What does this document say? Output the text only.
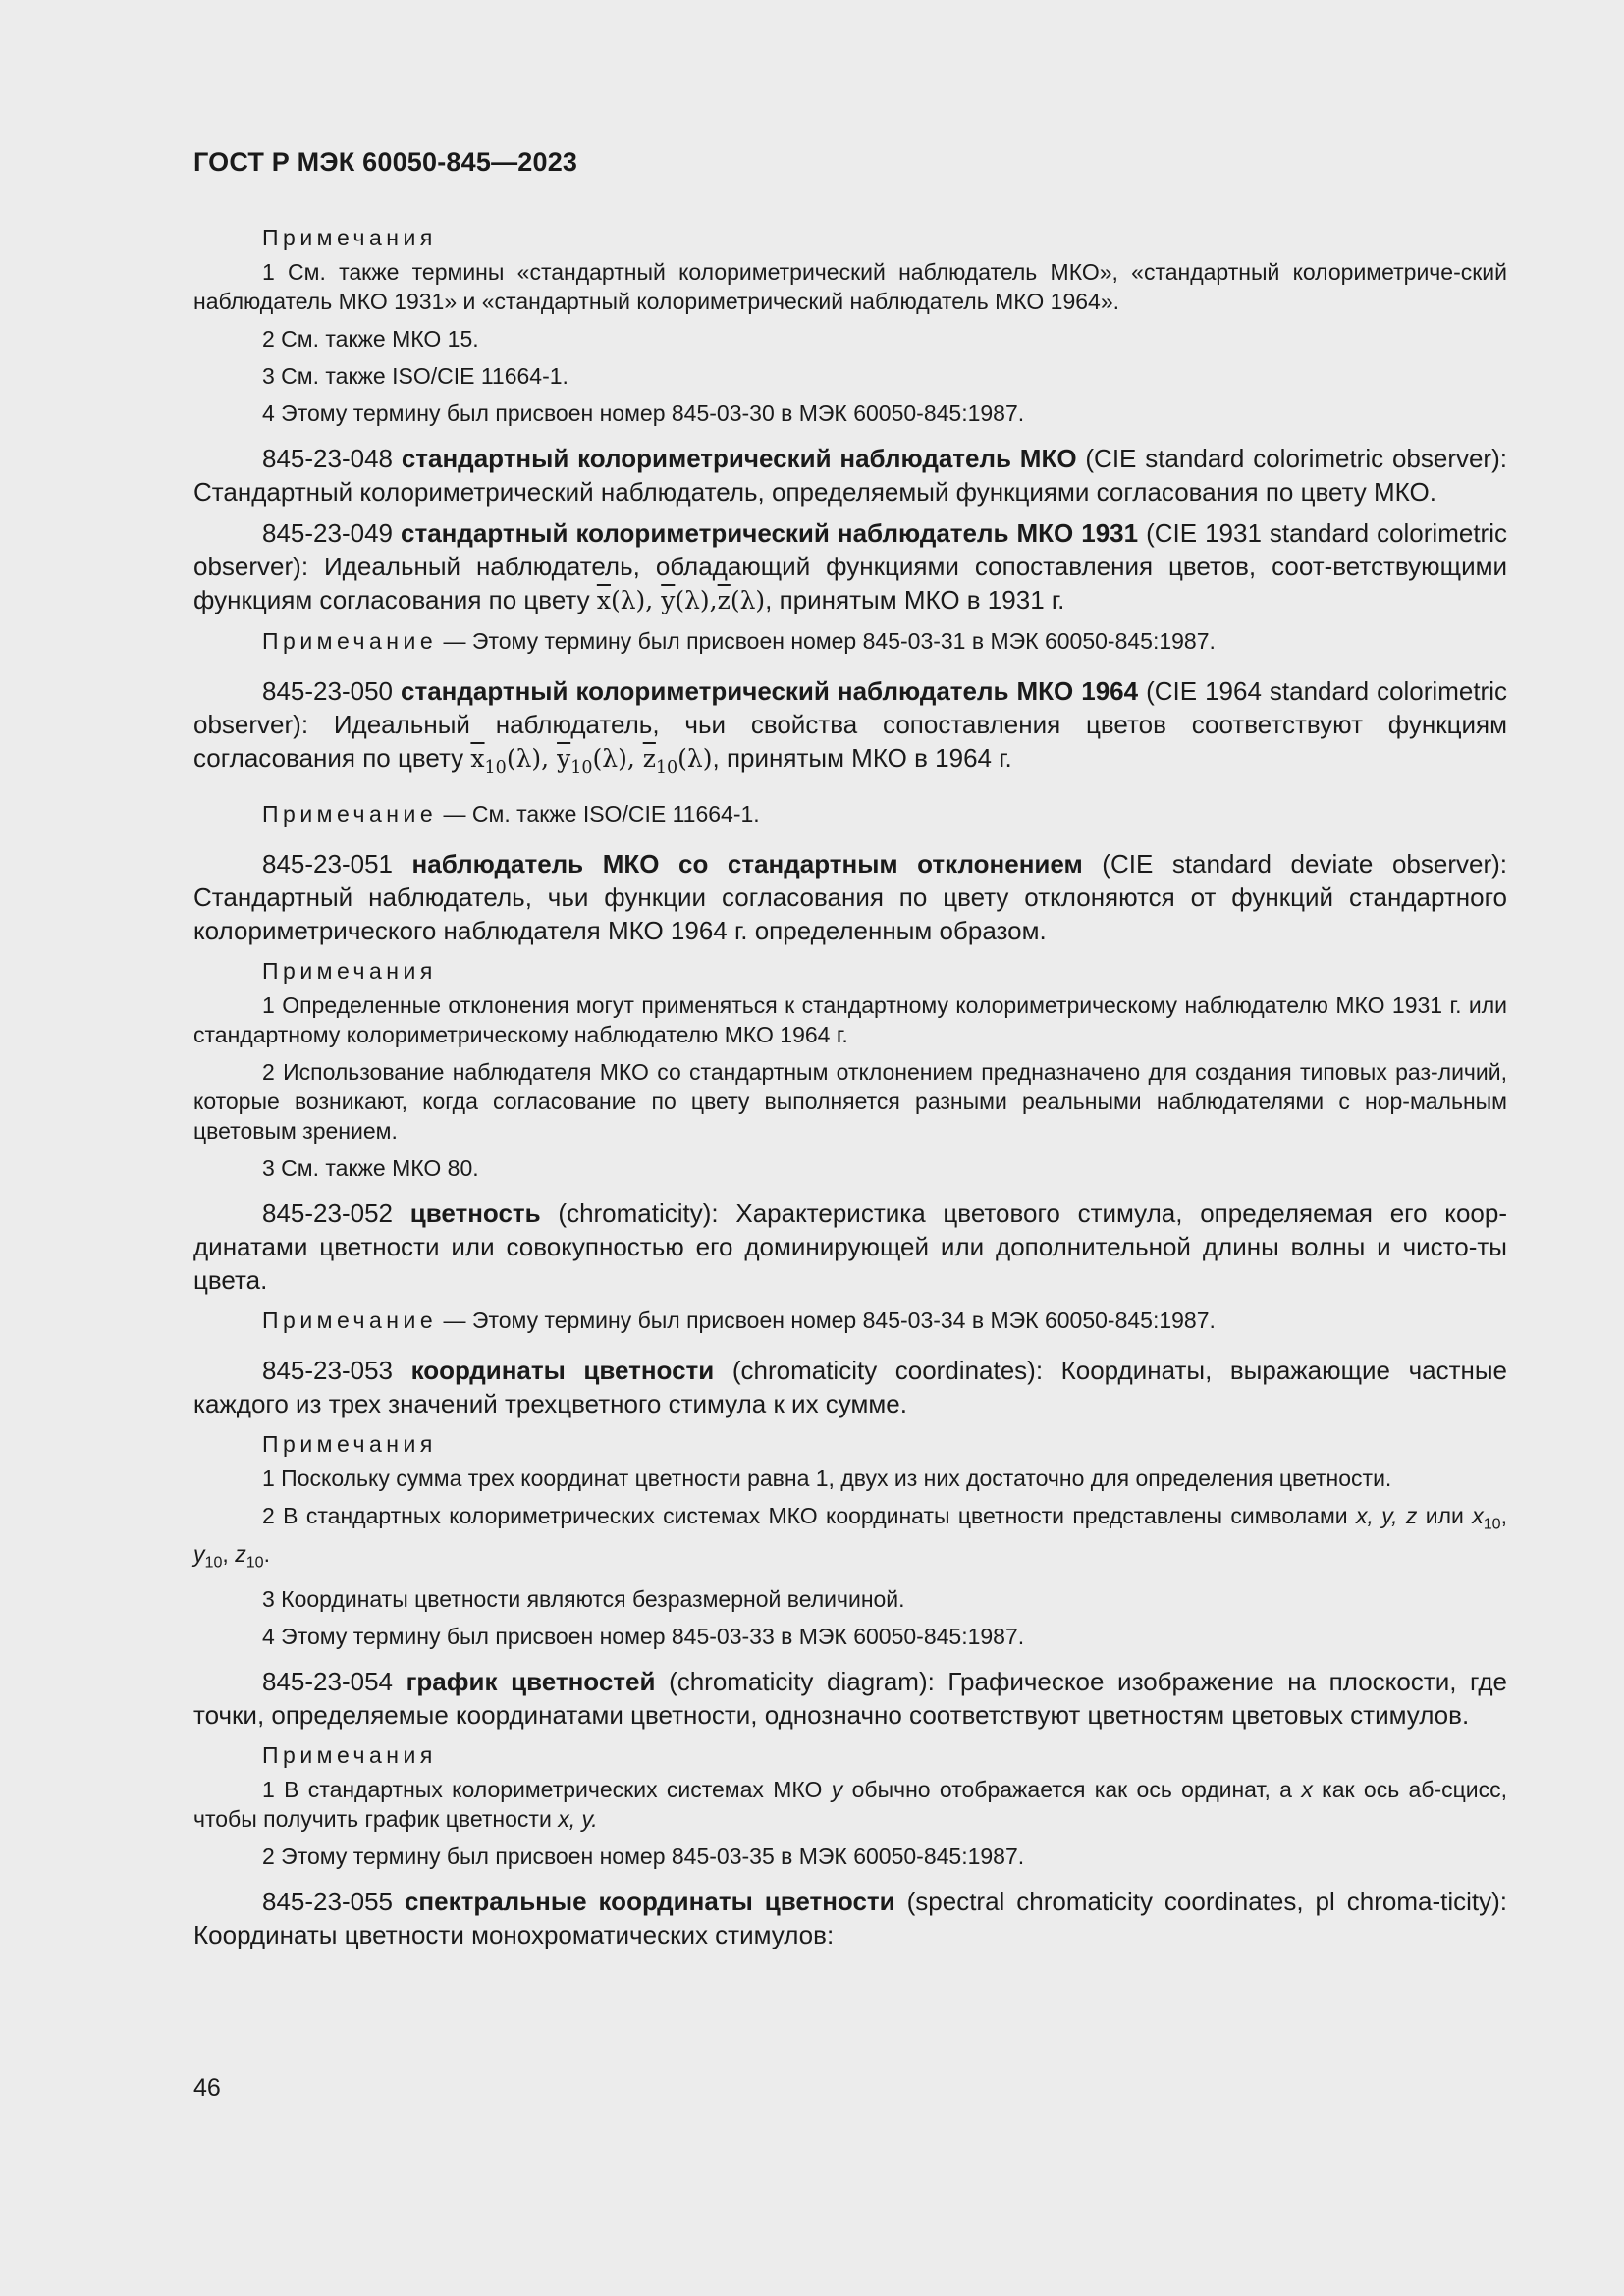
ГОСТ Р МЭК 60050-845—2023
Примечания

1 См. также термины «стандартный колориметрический наблюдатель МКО», «стандартный колориметриче-ский наблюдатель МКО 1931» и «стандартный колориметрический наблюдатель МКО 1964».

2 См. также МКО 15.

3 См. также ISO/CIE 11664-1.

4 Этому термину был присвоен номер 845-03-30 в МЭК 60050-845:1987.

845-23-048 стандартный колориметрический наблюдатель МКО (CIE standard colorimetric observer): Стандартный колориметрический наблюдатель, определяемый функциями согласования по цвету МКО.

845-23-049 стандартный колориметрический наблюдатель МКО 1931 (CIE 1931 standard colorimetric observer): Идеальный наблюдатель, обладающий функциями сопоставления цветов, соот-ветствующими функциям согласования по цвету $\overline{x}(\lambda)$, $\overline{y}(\lambda),\overline{z}(\lambda)$, принятым МКО в 1931 г.

Примечание — Этому термину был присвоен номер 845-03-31 в МЭК 60050-845:1987.

845-23-050 стандартный колориметрический наблюдатель МКО 1964 (CIE 1964 standard colorimetric observer): Идеальный наблюдатель, чьи свойства сопоставления цветов соответствуют функциям согласования по цвету $\overline{x}_{10}(\lambda)$, $\overline{y}_{10}(\lambda)$, $\overline{z}_{10}(\lambda)$, принятым МКО в 1964 г.

Примечание — См. также ISO/CIE 11664-1.

845-23-051 наблюдатель МКО со стандартным отклонением (CIE standard deviate observer): Стандартный наблюдатель, чьи функции согласования по цвету отклоняются от функций стандартного колориметрического наблюдателя МКО 1964 г. определенным образом.

Примечания

1 Определенные отклонения могут применяться к стандартному колориметрическому наблюдателю МКО 1931 г. или стандартному колориметрическому наблюдателю МКО 1964 г.

2 Использование наблюдателя МКО со стандартным отклонением предназначено для создания типовых раз-личий, которые возникают, когда согласование по цвету выполняется разными реальными наблюдателями с нор-мальным цветовым зрением.

3 См. также МКО 80.

845-23-052 цветность (chromaticity): Характеристика цветового стимула, определяемая его коор-динатами цветности или совокупностью его доминирующей или дополнительной длины волны и чисто-ты цвета.

Примечание — Этому термину был присвоен номер 845-03-34 в МЭК 60050-845:1987.

845-23-053 координаты цветности (chromaticity coordinates): Координаты, выражающие частные каждого из трех значений трехцветного стимула к их сумме.

Примечания

1 Поскольку сумма трех координат цветности равна 1, двух из них достаточно для определения цветности.

2 В стандартных колориметрических системах МКО координаты цветности представлены символами x, y, z или $x_{10}$, $y_{10}$, $z_{10}$.

3 Координаты цветности являются безразмерной величиной.

4 Этому термину был присвоен номер 845-03-33 в МЭК 60050-845:1987.

845-23-054 график цветностей (chromaticity diagram): Графическое изображение на плоскости, где точки, определяемые координатами цветности, однозначно соответствуют цветностям цветовых стимулов.

Примечания

1 В стандартных колориметрических системах МКО y обычно отображается как ось ординат, а x как ось аб-сцисс, чтобы получить график цветности x, y.

2 Этому термину был присвоен номер 845-03-35 в МЭК 60050-845:1987.

845-23-055 спектральные координаты цветности (spectral chromaticity coordinates, pl chroma-ticity): Координаты цветности монохроматических стимулов:

46
